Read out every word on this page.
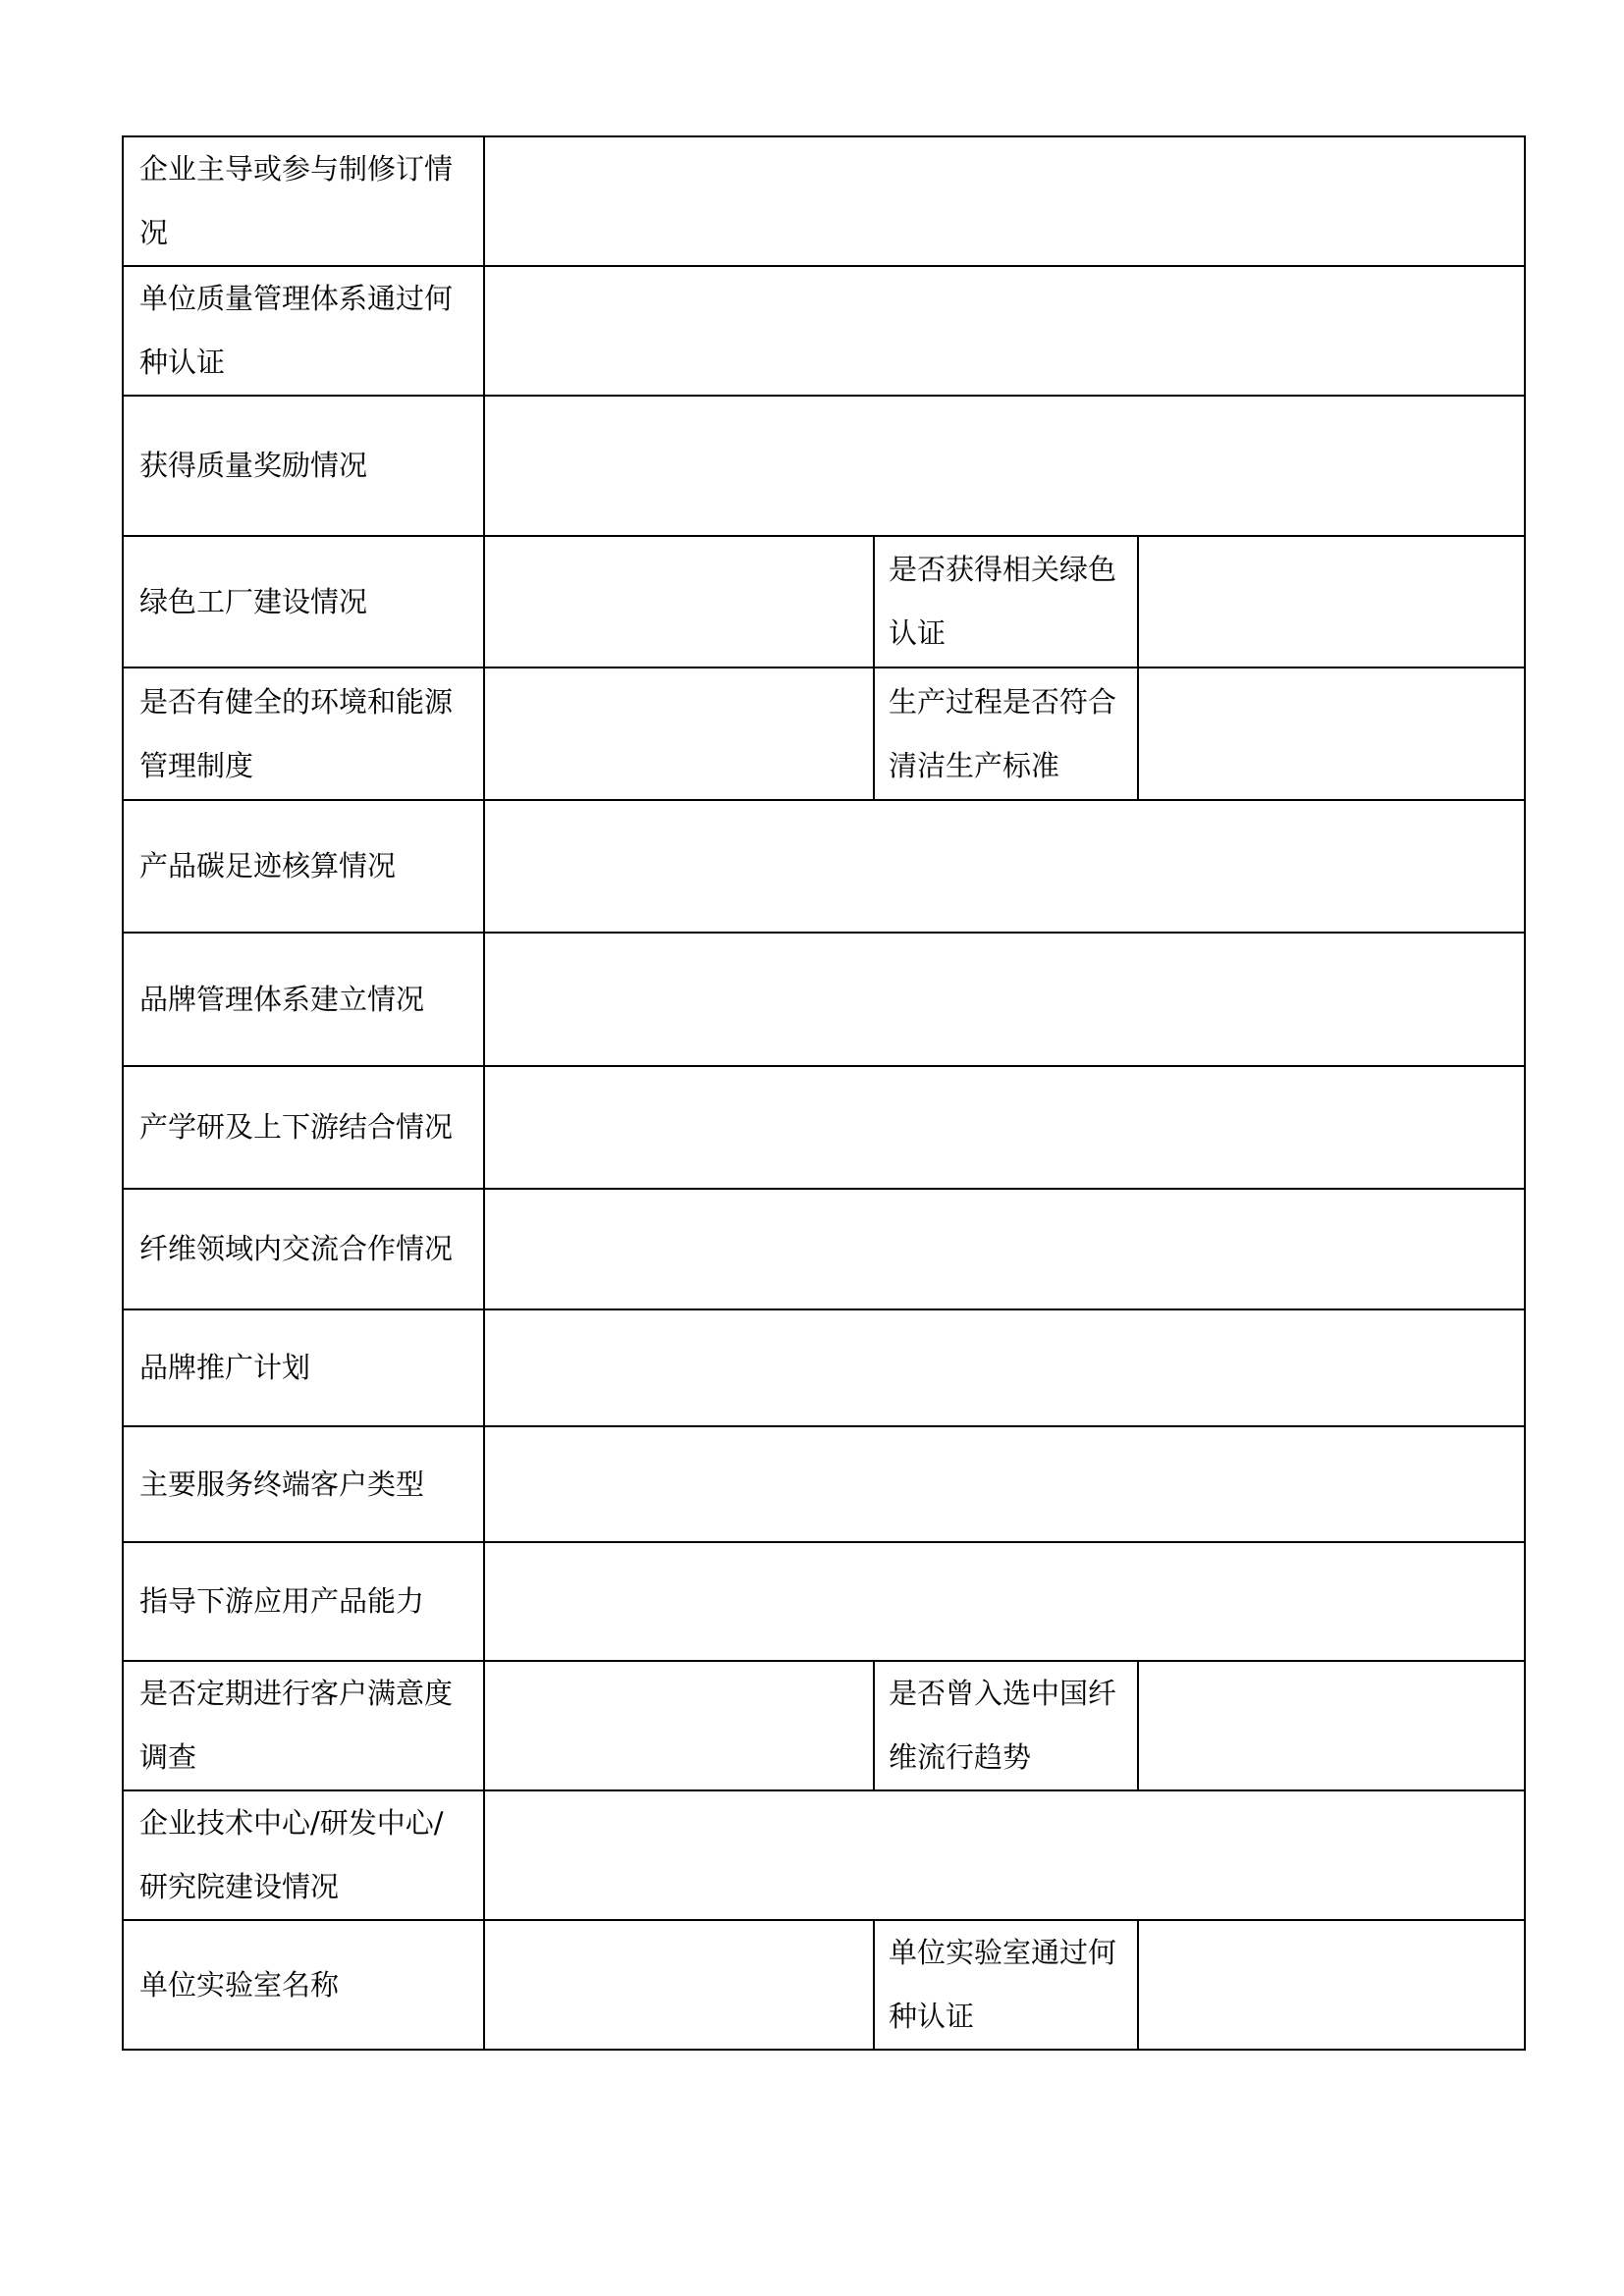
企业主导或参与制修订情况			
单位质量管理体系通过何种认证			
获得质量奖励情况			
绿色工厂建设情况		是否获得相关绿色认证	
是否有健全的环境和能源管理制度		生产过程是否符合清洁生产标准	
产品碳足迹核算情况			
品牌管理体系建立情况			
产学研及上下游结合情况			
纤维领域内交流合作情况			
品牌推广计划			
主要服务终端客户类型			
指导下游应用产品能力			
是否定期进行客户满意度调查		是否曾入选中国纤维流行趋势	
企业技术中心/研发中心/研究院建设情况			
单位实验室名称		单位实验室通过何种认证	
